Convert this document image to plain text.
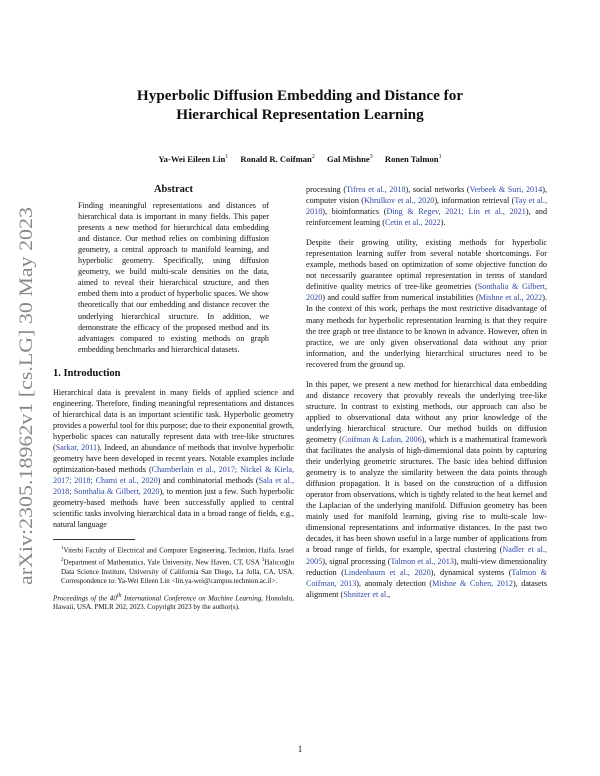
arXiv:2305.18962v1 [cs.LG] 30 May 2023
Hyperbolic Diffusion Embedding and Distance for
Hierarchical Representation Learning
Ya-Wei Eileen Lin$^1$ Ronald R. Coifman$^2$ Gal Mishne$^3$ Ronen Talmon$^1$
Abstract

Finding meaningful representations and distances of hierarchical data is important in many fields. This paper presents a new method for hierarchical data embedding and distance. Our method relies on combining diffusion geometry, a central approach to manifold learning, and hyperbolic geometry. Specifically, using diffusion geometry, we build multi-scale densities on the data, aimed to reveal their hierarchical structure, and then embed them into a product of hyperbolic spaces. We show theoretically that our embedding and distance recover the underlying hierarchical structure. In addition, we demonstrate the efficacy of the proposed method and its advantages compared to existing methods on graph embedding benchmarks and hierarchical datasets.

1. Introduction

Hierarchical data is prevalent in many fields of applied science and engineering. Therefore, finding meaningful representations and distances of hierarchical data is an important scientific task. Hyperbolic geometry provides a powerful tool for this purpose; due to their exponential growth, hyperbolic spaces can naturally represent data with tree-like structures (Sarkar, 2011). Indeed, an abundance of methods that involve hyperbolic geometry have been developed in recent years. Notable examples include optimization-based methods (Chamberlain et al., 2017; Nickel & Kiela, 2017; 2018; Chami et al., 2020) and combinatorial methods (Sala et al., 2018; Sonthalia & Gilbert, 2020), to mention just a few. Such hyperbolic geometry-based methods have been successfully applied to central scientific tasks involving hierarchical data in a broad range of fields, e.g., natural language

$^1$Viterbi Faculty of Electrical and Computer Engineering, Technion, Haifa, Israel $^2$Department of Mathematics, Yale University, New Haven, CT, USA $^3$Halıcıoğlu Data Science Institute, University of California San Diego, La Jolla, CA, USA. Correspondence to: Ya-Wei Eileen Lin <lin.ya-wei@campus.technion.ac.il>.
Proceedings of the 40th International Conference on Machine Learning, Honolulu, Hawaii, USA. PMLR 202, 2023. Copyright 2023 by the author(s).

processing (Tifrea et al., 2018), social networks (Verbeek & Suri, 2014), computer vision (Khrulkov et al., 2020), information retrieval (Tay et al., 2018), bioinformatics (Ding & Regev, 2021; Lin et al., 2021), and reinforcement learning (Cetin et al., 2022).

Despite their growing utility, existing methods for hyperbolic representation learning suffer from several notable shortcomings. For example, methods based on optimization of some objective function do not necessarily guarantee optimal representation in terms of standard definitive quality metrics of tree-like geometries (Sonthalia & Gilbert, 2020) and could suffer from numerical instabilities (Mishne et al., 2022). In the context of this work, perhaps the most restrictive disadvantage of many methods for hyperbolic representation learning is that they require the tree graph or tree distance to be known in advance. However, often in practice, we are only given observational data without any prior information, and the underlying hierarchical structures need to be recovered from the ground up.

In this paper, we present a new method for hierarchical data embedding and distance recovery that provably reveals the underlying tree-like structure. In contrast to existing methods, our approach can also be applied to observational data without any prior knowledge of the underlying hierarchical structure. Our method builds on diffusion geometry (Coifman & Lafon, 2006), which is a mathematical framework that facilitates the analysis of high-dimensional data points by capturing their underlying geometric structures. The basic idea behind diffusion geometry is to analyze the similarity between the data points through diffusion propagation. It is based on the construction of a diffusion operator from observations, which is tightly related to the heat kernel and the Laplacian of the underlying manifold. Diffusion geometry has been mainly used for manifold learning, giving rise to multi-scale low-dimensional representations and informative distances. In the past two decades, it has been shown useful in a large number of applications from a broad range of fields, for example, spectral clustering (Nadler et al., 2005), signal processing (Talmon et al., 2013), multi-view dimensionality reduction (Lindenbaum et al., 2020), dynamical systems (Talmon & Coifman, 2013), anomaly detection (Mishne & Cohen, 2012), datasets alignment (Shnitzer et al.,

1
